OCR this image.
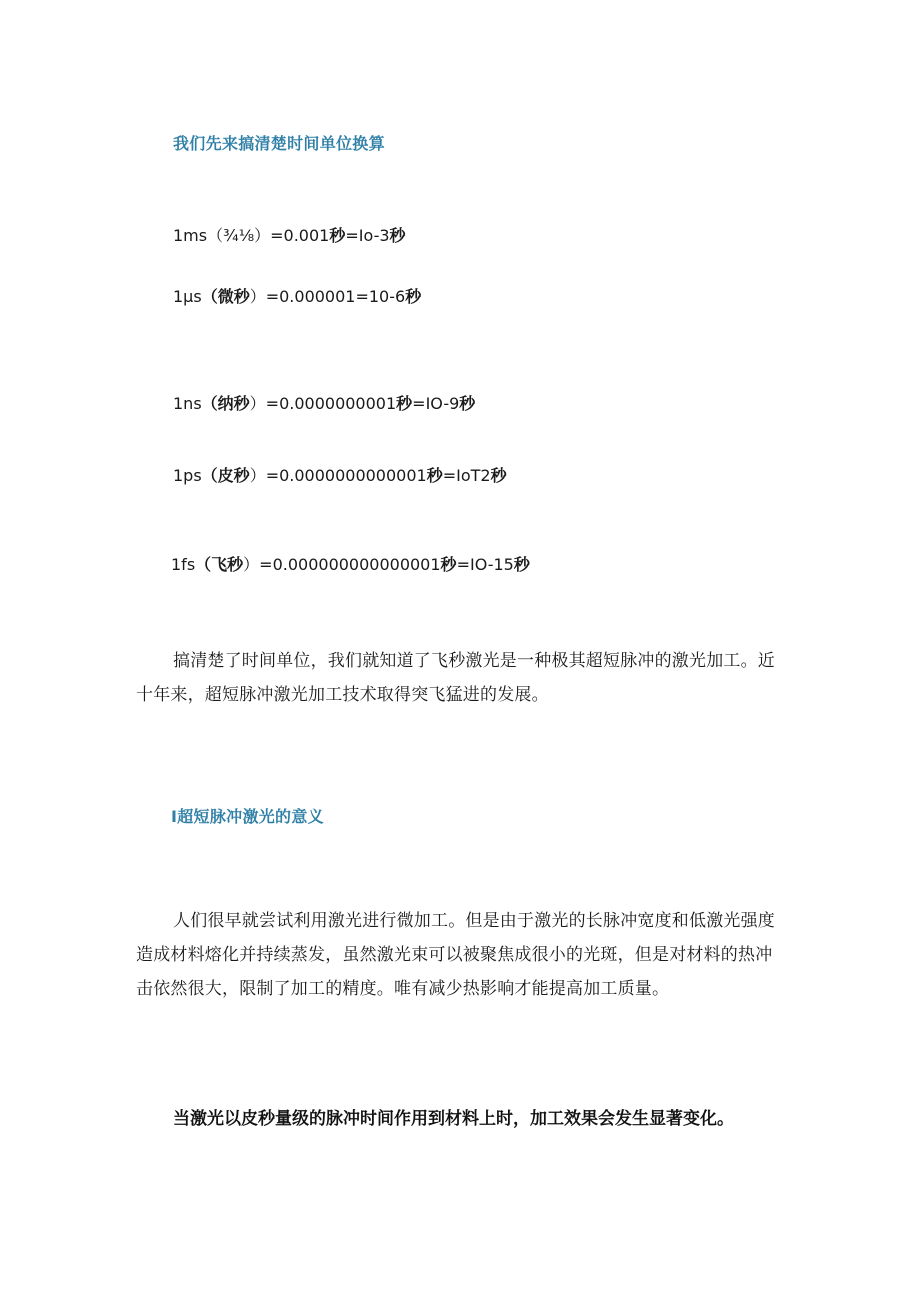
我们先来搞清楚时间单位换算
1ms（¾⅛）=0.001秒=Io-3秒
1μs（微秒）=0.000001=10-6秒
1ns（纳秒）=0.0000000001秒=IO-9秒
1ps（皮秒）=0.0000000000001秒=IoT2秒
1fs（飞秒）=0.000000000000001秒=IO-15秒

搞清楚了时间单位，我们就知道了飞秒激光是一种极其超短脉冲的激光加工。近十年来，超短脉冲激光加工技术取得突飞猛进的发展。

I超短脉冲激光的意义

人们很早就尝试利用激光进行微加工。但是由于激光的长脉冲宽度和低激光强度造成材料熔化并持续蒸发，虽然激光束可以被聚焦成很小的光斑，但是对材料的热冲击依然很大，限制了加工的精度。唯有减少热影响才能提高加工质量。

当激光以皮秒量级的脉冲时间作用到材料上时，加工效果会发生显著变化。
